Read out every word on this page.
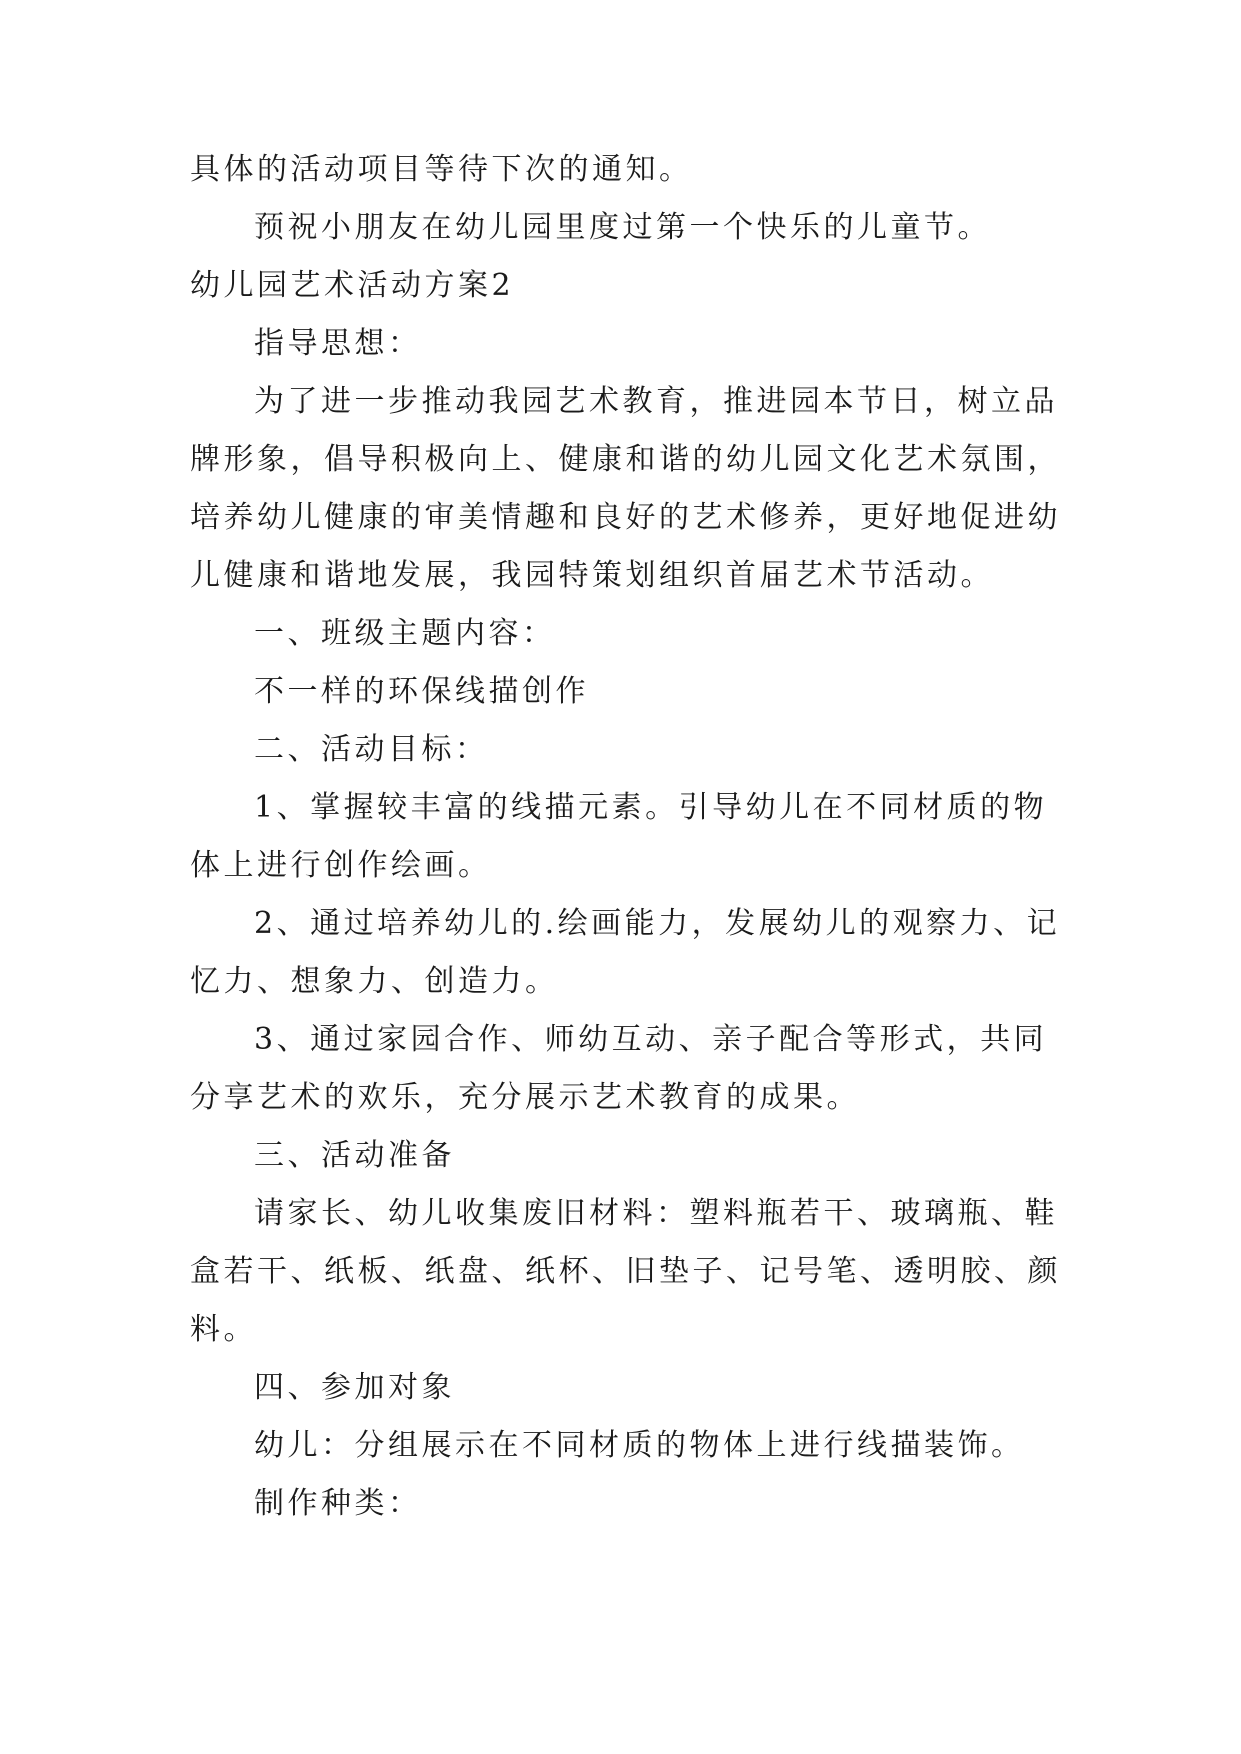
具体的活动项目等待下次的通知。
预祝小朋友在幼儿园里度过第一个快乐的儿童节。
幼儿园艺术活动方案2
指导思想：
为了进一步推动我园艺术教育，推进园本节日，树立品
牌形象，倡导积极向上、健康和谐的幼儿园文化艺术氛围，
培养幼儿健康的审美情趣和良好的艺术修养，更好地促进幼
儿健康和谐地发展，我园特策划组织首届艺术节活动。
一、班级主题内容：
不一样的环保线描创作
二、活动目标：
1、掌握较丰富的线描元素。引导幼儿在不同材质的物
体上进行创作绘画。
2、通过培养幼儿的.绘画能力，发展幼儿的观察力、记
忆力、想象力、创造力。
3、通过家园合作、师幼互动、亲子配合等形式，共同
分享艺术的欢乐，充分展示艺术教育的成果。
三、活动准备
请家长、幼儿收集废旧材料：塑料瓶若干、玻璃瓶、鞋
盒若干、纸板、纸盘、纸杯、旧垫子、记号笔、透明胶、颜
料。
四、参加对象
幼儿：分组展示在不同材质的物体上进行线描装饰。
制作种类：
